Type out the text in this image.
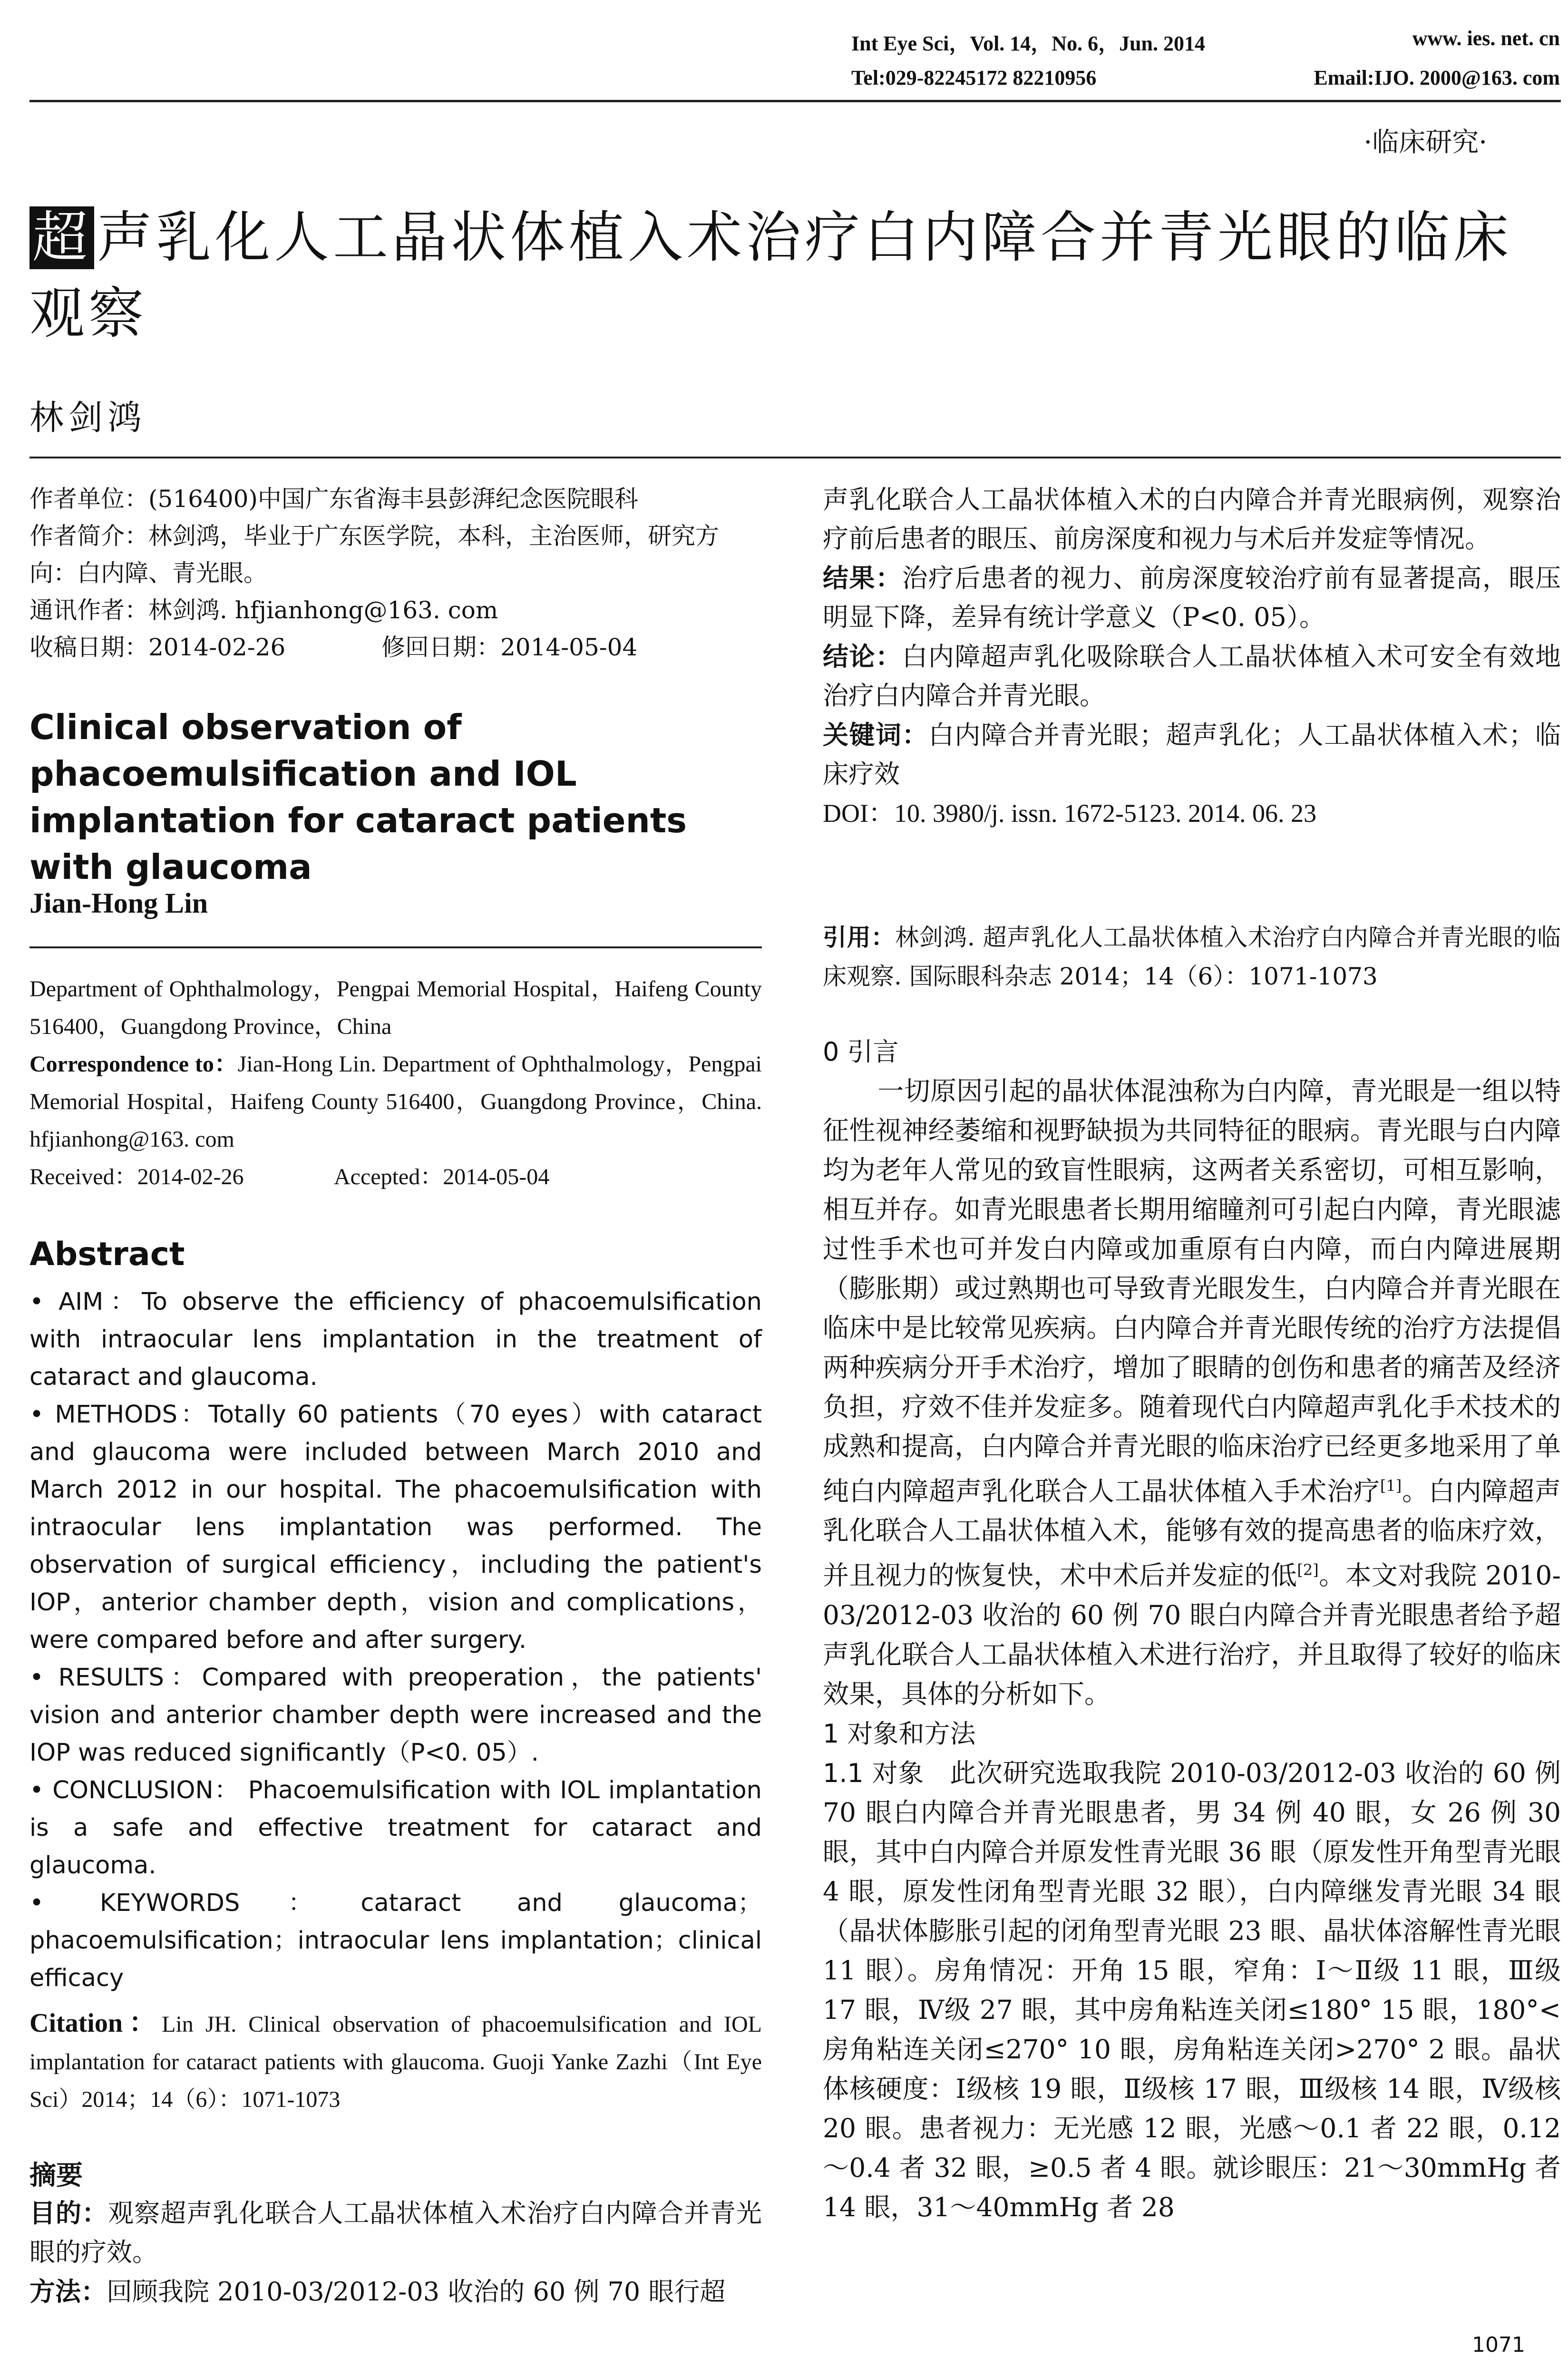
Int Eye Sci，Vol. 14，No. 6，Jun. 2014	www. ies. net. cn
Tel:029-82245172 82210956	Email:IJO. 2000@163. com
·临床研究·
超 声乳化人工晶状体植入术治疗白内障合并青光眼的临床观察
林剑鸿

作者单位：(516400)中国广东省海丰县彭湃纪念医院眼科

作者简介：林剑鸿，毕业于广东医学院，本科，主治医师，研究方向：白内障、青光眼。

通讯作者：林剑鸿. hfjianhong@163. com

收稿日期：2014-02-26	修回日期：2014-05-04

Clinical observation of phacoemulsification and IOL implantation for cataract patients with glaucoma
Jian-Hong Lin

Department of Ophthalmology，Pengpai Memorial Hospital，Haifeng County 516400，Guangdong Province，China

Correspondence to：Jian-Hong Lin. Department of Ophthalmology，Pengpai Memorial Hospital，Haifeng County 516400，Guangdong Province，China. hfjianhong@163. com

Received：2014-02-26	Accepted：2014-05-04

Abstract

• AIM：To observe the efficiency of phacoemulsification with intraocular lens implantation in the treatment of cataract and glaucoma.

• METHODS：Totally 60 patients（70 eyes）with cataract and glaucoma were included between March 2010 and March 2012 in our hospital. The phacoemulsification with intraocular lens implantation was performed. The observation of surgical efficiency，including the patient's IOP，anterior chamber depth，vision and complications，were compared before and after surgery.

• RESULTS：Compared with preoperation，the patients' vision and anterior chamber depth were increased and the IOP was reduced significantly（P<0. 05）.

• CONCLUSION： Phacoemulsification with IOL implantation is a safe and effective treatment for cataract and glaucoma.

• KEYWORDS：cataract and glaucoma；phacoemulsification；intraocular lens implantation；clinical efficacy

Citation：Lin JH. Clinical observation of phacoemulsification and IOL implantation for cataract patients with glaucoma. Guoji Yanke Zazhi（Int Eye Sci）2014；14（6）：1071-1073
摘要

目的：观察超声乳化联合人工晶状体植入术治疗白内障合并青光眼的疗效。

方法：回顾我院 2010-03/2012-03 收治的 60 例 70 眼行超

声乳化联合人工晶状体植入术的白内障合并青光眼病例，观察治疗前后患者的眼压、前房深度和视力与术后并发症等情况。

结果：治疗后患者的视力、前房深度较治疗前有显著提高，眼压明显下降，差异有统计学意义（P<0. 05）。

结论：白内障超声乳化吸除联合人工晶状体植入术可安全有效地治疗白内障合并青光眼。

关键词：白内障合并青光眼；超声乳化；人工晶状体植入术；临床疗效

DOI：10. 3980/j. issn. 1672-5123. 2014. 06. 23

引用：林剑鸿. 超声乳化人工晶状体植入术治疗白内障合并青光眼的临床观察. 国际眼科杂志 2014；14（6）：1071-1073

0 引言

一切原因引起的晶状体混浊称为白内障，青光眼是一组以特征性视神经萎缩和视野缺损为共同特征的眼病。青光眼与白内障均为老年人常见的致盲性眼病，这两者关系密切，可相互影响，相互并存。如青光眼患者长期用缩瞳剂可引起白内障，青光眼滤过性手术也可并发白内障或加重原有白内障，而白内障进展期（膨胀期）或过熟期也可导致青光眼发生，白内障合并青光眼在临床中是比较常见疾病。白内障合并青光眼传统的治疗方法提倡两种疾病分开手术治疗，增加了眼睛的创伤和患者的痛苦及经济负担，疗效不佳并发症多。随着现代白内障超声乳化手术技术的成熟和提高，白内障合并青光眼的临床治疗已经更多地采用了单纯白内障超声乳化联合人工晶状体植入手术治疗[1]。白内障超声乳化联合人工晶状体植入术，能够有效的提高患者的临床疗效，并且视力的恢复快，术中术后并发症的低[2]。本文对我院 2010-03/2012-03 收治的 60 例 70 眼白内障合并青光眼患者给予超声乳化联合人工晶状体植入术进行治疗，并且取得了较好的临床效果，具体的分析如下。

1 对象和方法

1.1 对象 此次研究选取我院 2010-03/2012-03 收治的 60 例 70 眼白内障合并青光眼患者，男 34 例 40 眼，女 26 例 30 眼，其中白内障合并原发性青光眼 36 眼（原发性开角型青光眼 4 眼，原发性闭角型青光眼 32 眼），白内障继发青光眼 34 眼（晶状体膨胀引起的闭角型青光眼 23 眼、晶状体溶解性青光眼 11 眼）。房角情况：开角 15 眼，窄角：Ⅰ～Ⅱ级 11 眼，Ⅲ级 17 眼，Ⅳ级 27 眼，其中房角粘连关闭≤180° 15 眼，180°<房角粘连关闭≤270° 10 眼，房角粘连关闭>270° 2 眼。晶状体核硬度：Ⅰ级核 19 眼，Ⅱ级核 17 眼，Ⅲ级核 14 眼，Ⅳ级核 20 眼。患者视力：无光感 12 眼，光感～0.1 者 22 眼，0.12～0.4 者 32 眼，≥0.5 者 4 眼。就诊眼压：21～30mmHg 者 14 眼，31～40mmHg 者 28

1071
